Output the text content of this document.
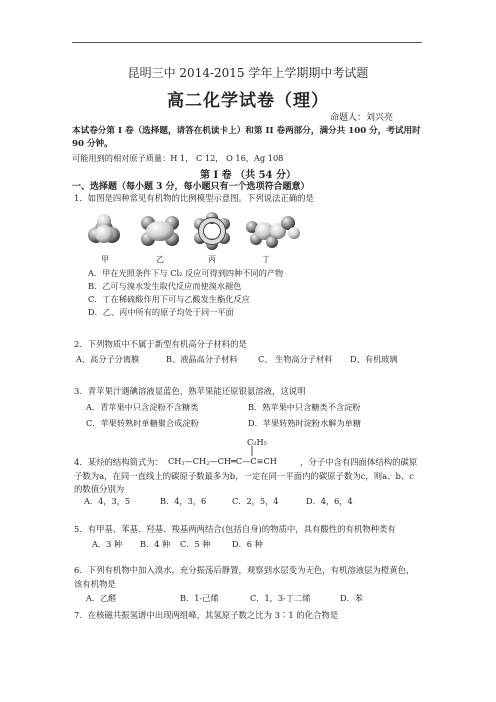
昆明三中 2014-2015 学年上学期期中考试题
高二化学试卷（理）
命题人：刘兴亮
本试卷分第 I 卷（选择题，请答在机读卡上）和第 II 卷两部分，满分共 100 分，考试用时 90 分钟。
可能用到的相对原子质量：H 1， C 12， O 16，Ag 108
第 I 卷 （共 54 分）
一、选择题（每小题 3 分，每小题只有一个选项符合题意）
1．如图是四种常见有机物的比例模型示意图。下列说法正确的是
甲	乙	丙	丁
A．甲在光照条件下与 Cl₂ 反应可得到四种不同的产物
B．乙可与溴水发生取代反应而使溴水褪色
C．丁在稀硫酸作用下可与乙酸发生酯化反应
D．乙、丙中所有的原子均处于同一平面
2．下列物质中不属于新型有机高分子材料的是
A、高分子分离膜	B、液晶高分子材料 C、 生物高分子材料 D、有机玻璃
3．青苹果汁遇碘溶液显蓝色，熟苹果能还原银氨溶液，这说明
A．青苹果中只含淀粉不含糖类	B．熟苹果中只含糖类不含淀粉
C．苹果转熟时单糖聚合成淀粉	D．苹果转熟时淀粉水解为单糖
C₂H₅
4．某烃的结构简式为： CH3—CH2—CH═C—C≡CH	，分子中含有四面体结构的碳原
子数为a，在同一直线上的碳原子数最多为b，一定在同一平面内的碳原子数为c，则a、b、c
的数值分别为
A．4，3，5	B．4，3，6	C．2，5，4	D．4，6，4
5．有甲基、苯基、羟基、羧基两两结合(包括自身)的物质中，具有酸性的有机物种类有
A．3 种 B．4 种 C．5 种	D．6 种
6．下列有机物中加入溴水，充分振荡后静置，观察到水层变为无色，有机溶液层为橙黄色，
该有机物是
A．乙醛	B．1-己烯	C．1，3-丁二烯	D．苯
7．在核磁共振氢谱中出现两组峰，其氢原子数之比为 3∶1 的化合物是
